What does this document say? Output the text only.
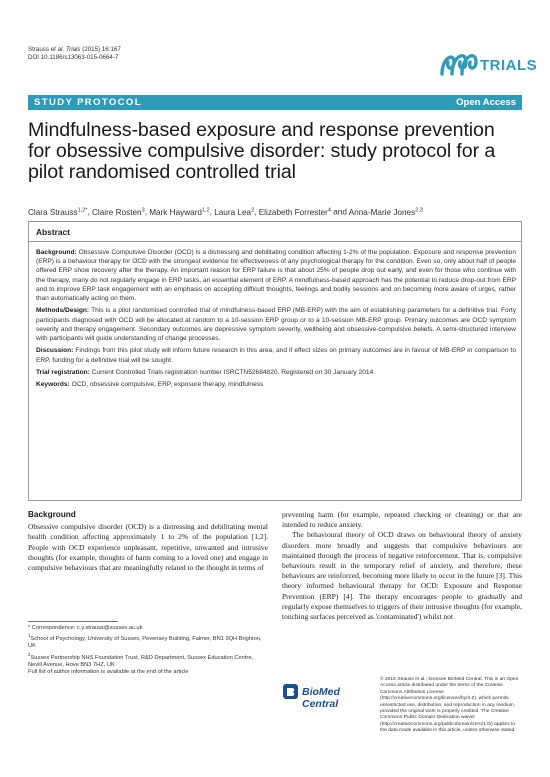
Strauss et al. Trials (2015) 16:167
DOI 10.1186/s13063-015-0664-7	TRIALS
STUDY PROTOCOL	Open Access
Mindfulness-based exposure and response prevention for obsessive compulsive disorder: study protocol for a pilot randomised controlled trial
Clara Strauss$^{1,2*}$, Claire Rosten$^3$, Mark Hayward$^{1,2}$, Laura Lea$^2$, Elizabeth Forrester$^4$ and Anna-Marie Jones$^{2,3}$
Abstract

Background: Obsessive Compulsive Disorder (OCD) is a distressing and debilitating condition affecting 1-2% of the population. Exposure and response prevention (ERP) is a behaviour therapy for OCD with the strongest evidence for effectiveness of any psychological therapy for the condition. Even so, only about half of people offered ERP show recovery after the therapy. An important reason for ERP failure is that about 25% of people drop out early, and even for those who continue with the therapy, many do not regularly engage in ERP tasks, an essential element of ERP. A mindfulness-based approach has the potential to reduce drop-out from ERP and to improve ERP task engagement with an emphasis on accepting difficult thoughts, feelings and bodily sessions and on becoming more aware of urges, rather than automatically acting on them.

Methods/Design: This is a pilot randomised controlled trial of mindfulness-based ERP (MB-ERP) with the aim of establishing parameters for a definitive trial. Forty participants diagnosed with OCD will be allocated at random to a 10-session ERP group or to a 10-session MB-ERP group. Primary outcomes are OCD symptom severity and therapy engagement. Secondary outcomes are depressive symptom severity, wellbeing and obsessive-compulsive beliefs. A semi-structured interview with participants will guide understanding of change processes.

Discussion: Findings from this pilot study will inform future research in this area, and if effect sizes on primary outcomes are in favour of MB-ERP in comparison to ERP, funding for a definitive trial will be sought.

Trial registration: Current Controlled Trials registration number ISRCTN52684820. Registered on 30 January 2014.

Keywords: OCD, obsessive compulsive, ERP, exposure therapy, mindfulness

Background

Obsessive compulsive disorder (OCD) is a distressing and debilitating mental health condition affecting approximately 1 to 2% of the population [1,2]. People with OCD experience unpleasant, repetitive, unwanted and intrusive thoughts (for example, thoughts of harm coming to a loved one) and engage in compulsive behaviours that are meaningfully related to the thought in terms of

preventing harm (for example, repeated checking or cleaning) or that are intended to reduce anxiety.

The behavioural theory of OCD draws on behavioural theory of anxiety disorders more broadly and suggests that compulsive behaviours are maintained through the process of negative reinforcement. That is, compulsive behaviours result in the temporary relief of anxiety, and therefore, these behaviours are reinforced, becoming more likely to occur in the future [3]. This theory informed behavioural therapy for OCD: Exposure and Response Prevention (ERP) [4]. The therapy encourages people to gradually and regularly expose themselves to triggers of their intrusive thoughts (for example, touching surfaces perceived as 'contaminated') whilst not

* Correspondence: c.y.strauss@sussex.ac.uk
$^1$School of Psychology, University of Sussex, Pevensey Building, Falmer, BN1 9QH Brighton, UK
$^2$Sussex Partnership NHS Foundation Trust, R&D Department, Sussex Education Centre, Nevill Avenue, Hove BN3 7HZ, UK
Full list of author information is available at the end of the article
BioMed Central
© 2015 Strauss et al.; licensee BioMed Central. This is an Open Access article distributed under the terms of the Creative Commons Attribution License (http://creativecommons.org/licenses/by/4.0), which permits unrestricted use, distribution, and reproduction in any medium, provided the original work is properly credited. The Creative Commons Public Domain Dedication waiver (http://creativecommons.org/publicdomain/zero/1.0/) applies to the data made available in this article, unless otherwise stated.
